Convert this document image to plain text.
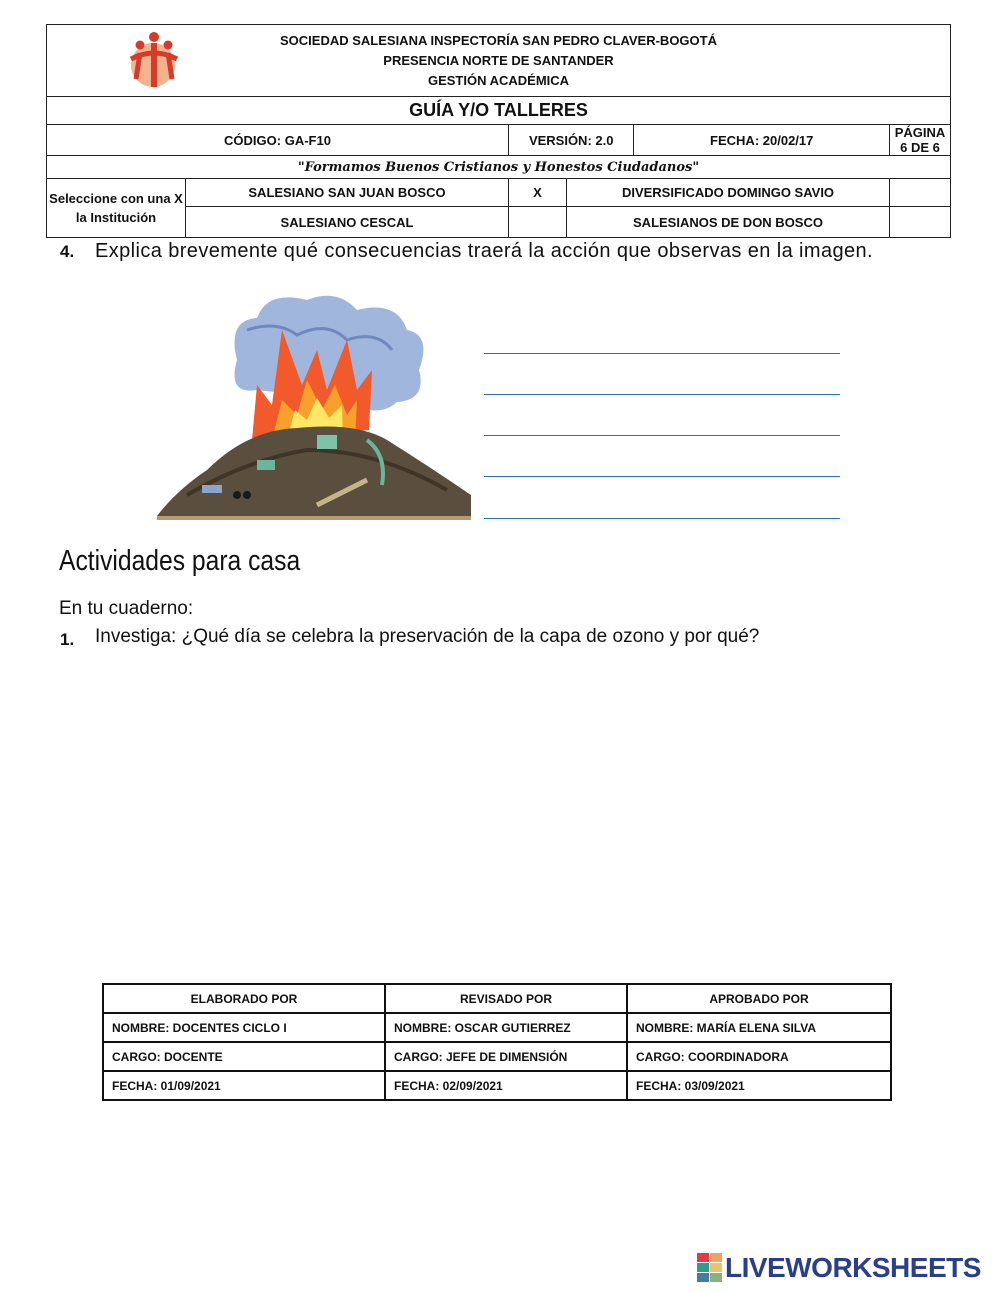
SOCIEDAD SALESIANA INSPECTORÍA SAN PEDRO CLAVER-BOGOTÁ
PRESENCIA NORTE DE SANTANDER
GESTIÓN ACADÉMICA					

GUÍA Y/O TALLERES					
CÓDIGO: GA-F10		VERSIÓN: 2.0		FECHA: 20/02/17	PÁGINA 6 DE 6
"Formamos Buenos Cristianos y Honestos Ciudadanos"					
Seleccione con una X la Institución	SALESIANO SAN JUAN BOSCO	X	DIVERSIFICADO DOMINGO SAVIO		
	SALESIANO CESCAL		SALESIANOS DE DON BOSCO		
4. Explica brevemente qué consecuencias traerá la acción que observas en la imagen.
Actividades para casa
En tu cuaderno:
1. Investiga: ¿Qué día se celebra la preservación de la capa de ozono y por qué?
ELABORADO POR	REVISADO POR	APROBADO POR
NOMBRE: DOCENTES CICLO I	NOMBRE: OSCAR GUTIERREZ	NOMBRE: MARÍA ELENA SILVA
CARGO: DOCENTE	CARGO: JEFE DE DIMENSIÓN	CARGO: COORDINADORA
FECHA: 01/09/2021	FECHA: 02/09/2021	FECHA: 03/09/2021
LIVEWORKSHEETS
